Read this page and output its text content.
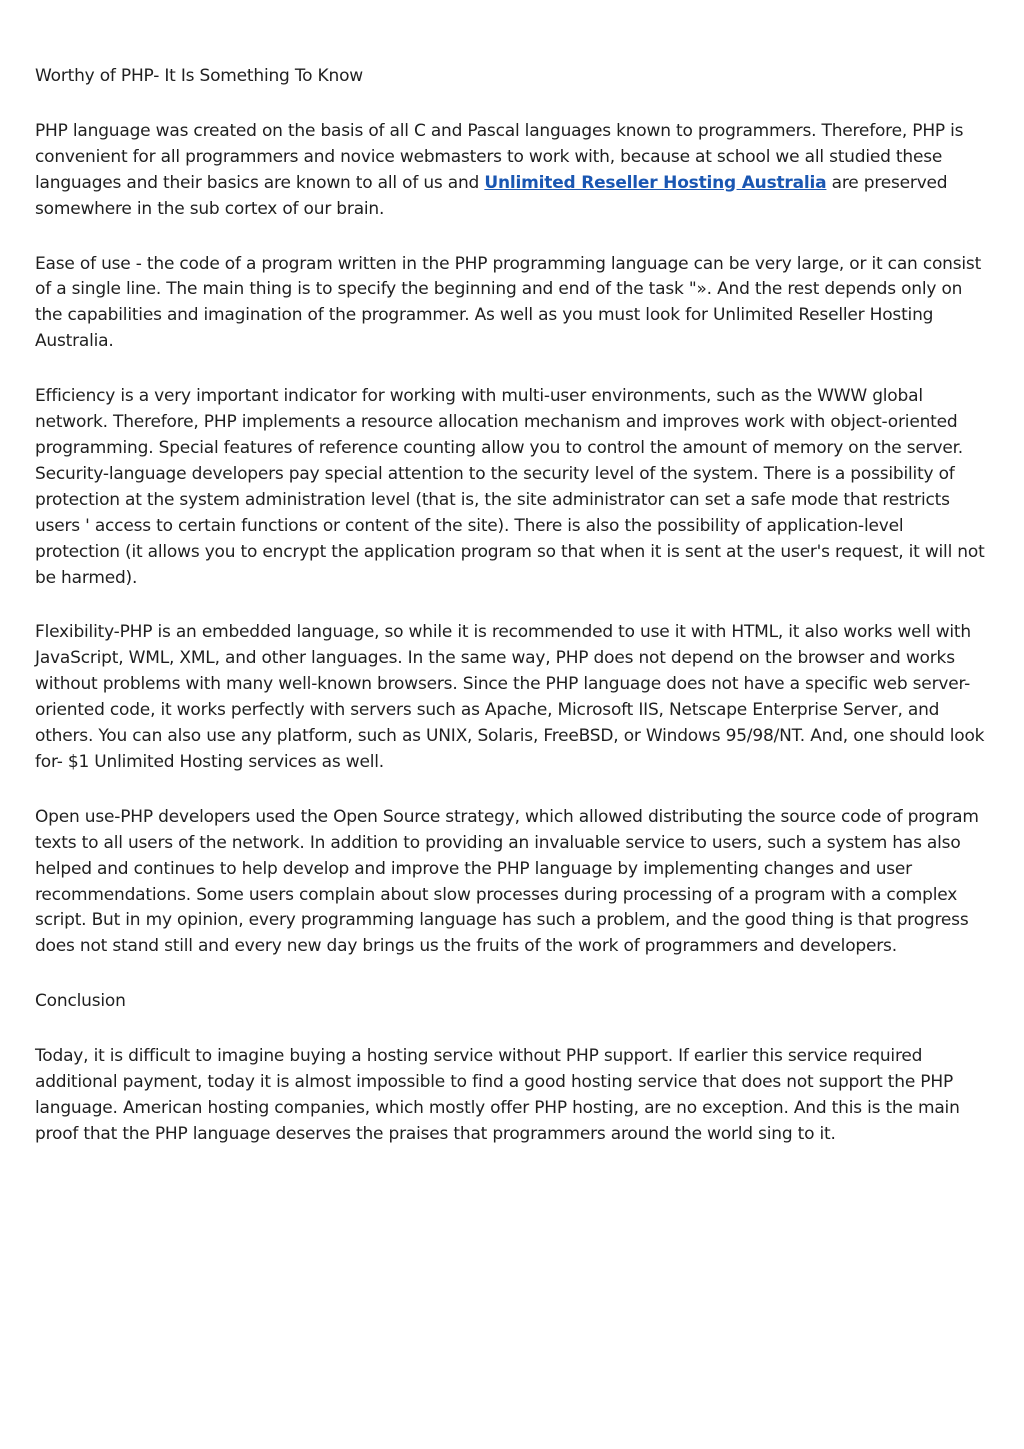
Worthy of PHP- It Is Something To Know

PHP language was created on the basis of all C and Pascal languages known to programmers. Therefore, PHP is convenient for all programmers and novice webmasters to work with, because at school we all studied these languages and their basics are known to all of us and Unlimited Reseller Hosting Australia are preserved somewhere in the sub cortex of our brain.

Ease of use - the code of a program written in the PHP programming language can be very large, or it can consist of a single line. The main thing is to specify the beginning and end of the task "». And the rest depends only on the capabilities and imagination of the programmer. As well as you must look for Unlimited Reseller Hosting Australia.

Efficiency is a very important indicator for working with multi-user environments, such as the WWW global network. Therefore, PHP implements a resource allocation mechanism and improves work with object-oriented programming. Special features of reference counting allow you to control the amount of memory on the server. Security-language developers pay special attention to the security level of the system. There is a possibility of protection at the system administration level (that is, the site administrator can set a safe mode that restricts users ' access to certain functions or content of the site). There is also the possibility of application-level protection (it allows you to encrypt the application program so that when it is sent at the user's request, it will not be harmed).

Flexibility-PHP is an embedded language, so while it is recommended to use it with HTML, it also works well with JavaScript, WML, XML, and other languages. In the same way, PHP does not depend on the browser and works without problems with many well-known browsers. Since the PHP language does not have a specific web server-oriented code, it works perfectly with servers such as Apache, Microsoft IIS, Netscape Enterprise Server, and others. You can also use any platform, such as UNIX, Solaris, FreeBSD, or Windows 95/98/NT. And, one should look for- $1 Unlimited Hosting services as well.

Open use-PHP developers used the Open Source strategy, which allowed distributing the source code of program texts to all users of the network. In addition to providing an invaluable service to users, such a system has also helped and continues to help develop and improve the PHP language by implementing changes and user recommendations. Some users complain about slow processes during processing of a program with a complex script. But in my opinion, every programming language has such a problem, and the good thing is that progress does not stand still and every new day brings us the fruits of the work of programmers and developers.

Conclusion

Today, it is difficult to imagine buying a hosting service without PHP support. If earlier this service required additional payment, today it is almost impossible to find a good hosting service that does not support the PHP language. American hosting companies, which mostly offer PHP hosting, are no exception. And this is the main proof that the PHP language deserves the praises that programmers around the world sing to it.
